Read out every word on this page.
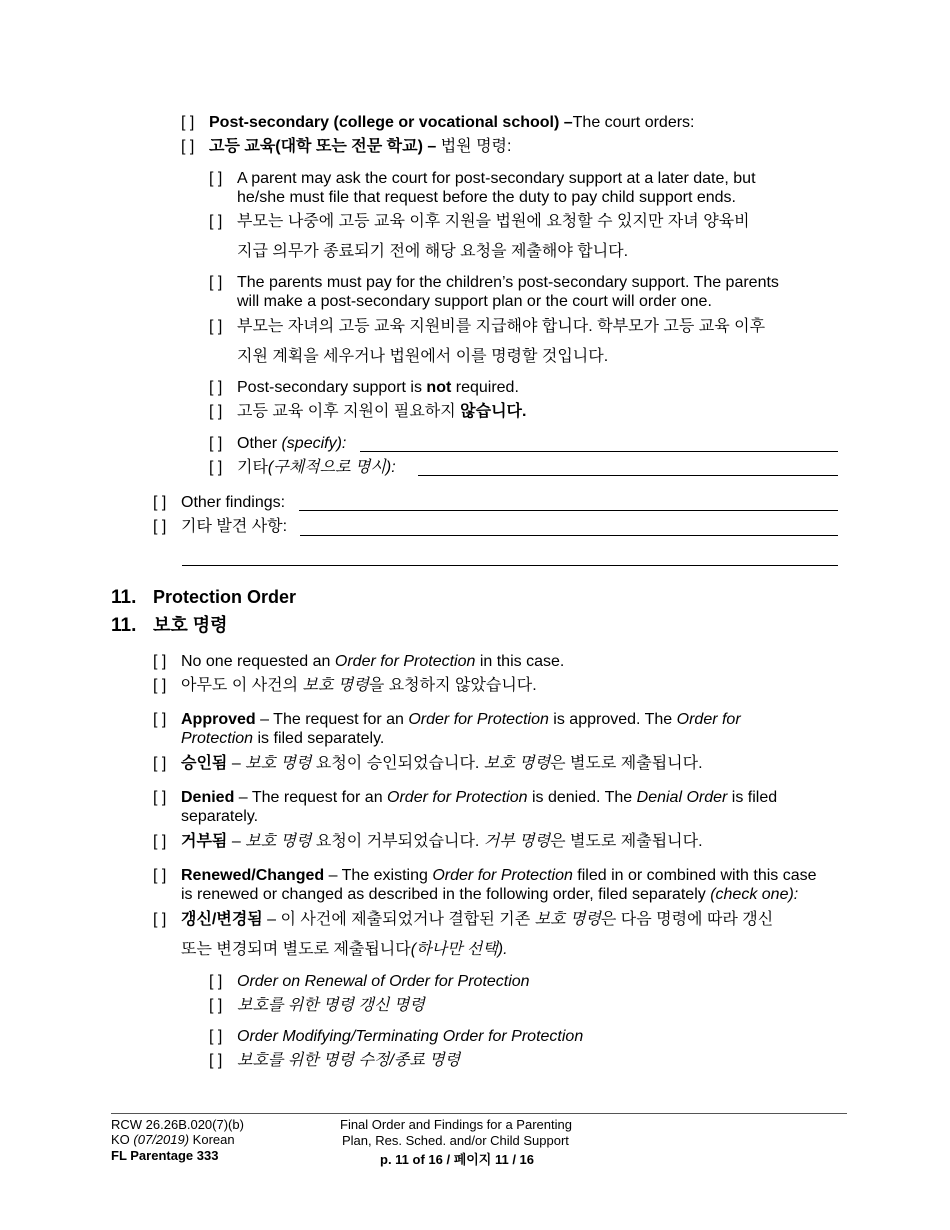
[ ] Post-secondary (college or vocational school) –The court orders:
[ ] 고등 교육(대학 또는 전문 학교) – 법원 명령:
[ ] A parent may ask the court for post-secondary support at a later date, but
he/she must file that request before the duty to pay child support ends.
[ ] 부모는 나중에 고등 교육 이후 지원을 법원에 요청할 수 있지만 자녀 양육비
지급 의무가 종료되기 전에 해당 요청을 제출해야 합니다.
[ ] The parents must pay for the children’s post-secondary support. The parents
will make a post-secondary support plan or the court will order one.
[ ] 부모는 자녀의 고등 교육 지원비를 지급해야 합니다. 학부모가 고등 교육 이후
지원 계획을 세우거나 법원에서 이를 명령할 것입니다.
[ ] Post-secondary support is not required.
[ ] 고등 교육 이후 지원이 필요하지 않습니다.
[ ] Other (specify):
[ ] 기타(구체적으로 명시):
[ ] Other findings:
[ ] 기타 발견 사항:
11. Protection Order
11. 보호 명령
[ ] No one requested an Order for Protection in this case.
[ ] 아무도 이 사건의 보호 명령을 요청하지 않았습니다.
[ ] Approved – The request for an Order for Protection is approved. The Order for
Protection is filed separately.
[ ] 승인됨 – 보호 명령 요청이 승인되었습니다. 보호 명령은 별도로 제출됩니다.
[ ] Denied – The request for an Order for Protection is denied. The Denial Order is filed
separately.
[ ] 거부됨 – 보호 명령 요청이 거부되었습니다. 거부 명령은 별도로 제출됩니다.
[ ] Renewed/Changed – The existing Order for Protection filed in or combined with this case
is renewed or changed as described in the following order, filed separately (check one):
[ ] 갱신/변경됨 – 이 사건에 제출되었거나 결합된 기존 보호 명령은 다음 명령에 따라 갱신
또는 변경되며 별도로 제출됩니다(하나만 선택).
[ ] Order on Renewal of Order for Protection
[ ] 보호를 위한 명령 갱신 명령
[ ] Order Modifying/Terminating Order for Protection
[ ] 보호를 위한 명령 수정/종료 명령
RCW 26.26B.020(7)(b)
KO (07/2019) Korean
FL Parentage 333
Final Order and Findings for a Parenting
Plan, Res. Sched. and/or Child Support
p. 11 of 16 / 페이지 11 / 16
